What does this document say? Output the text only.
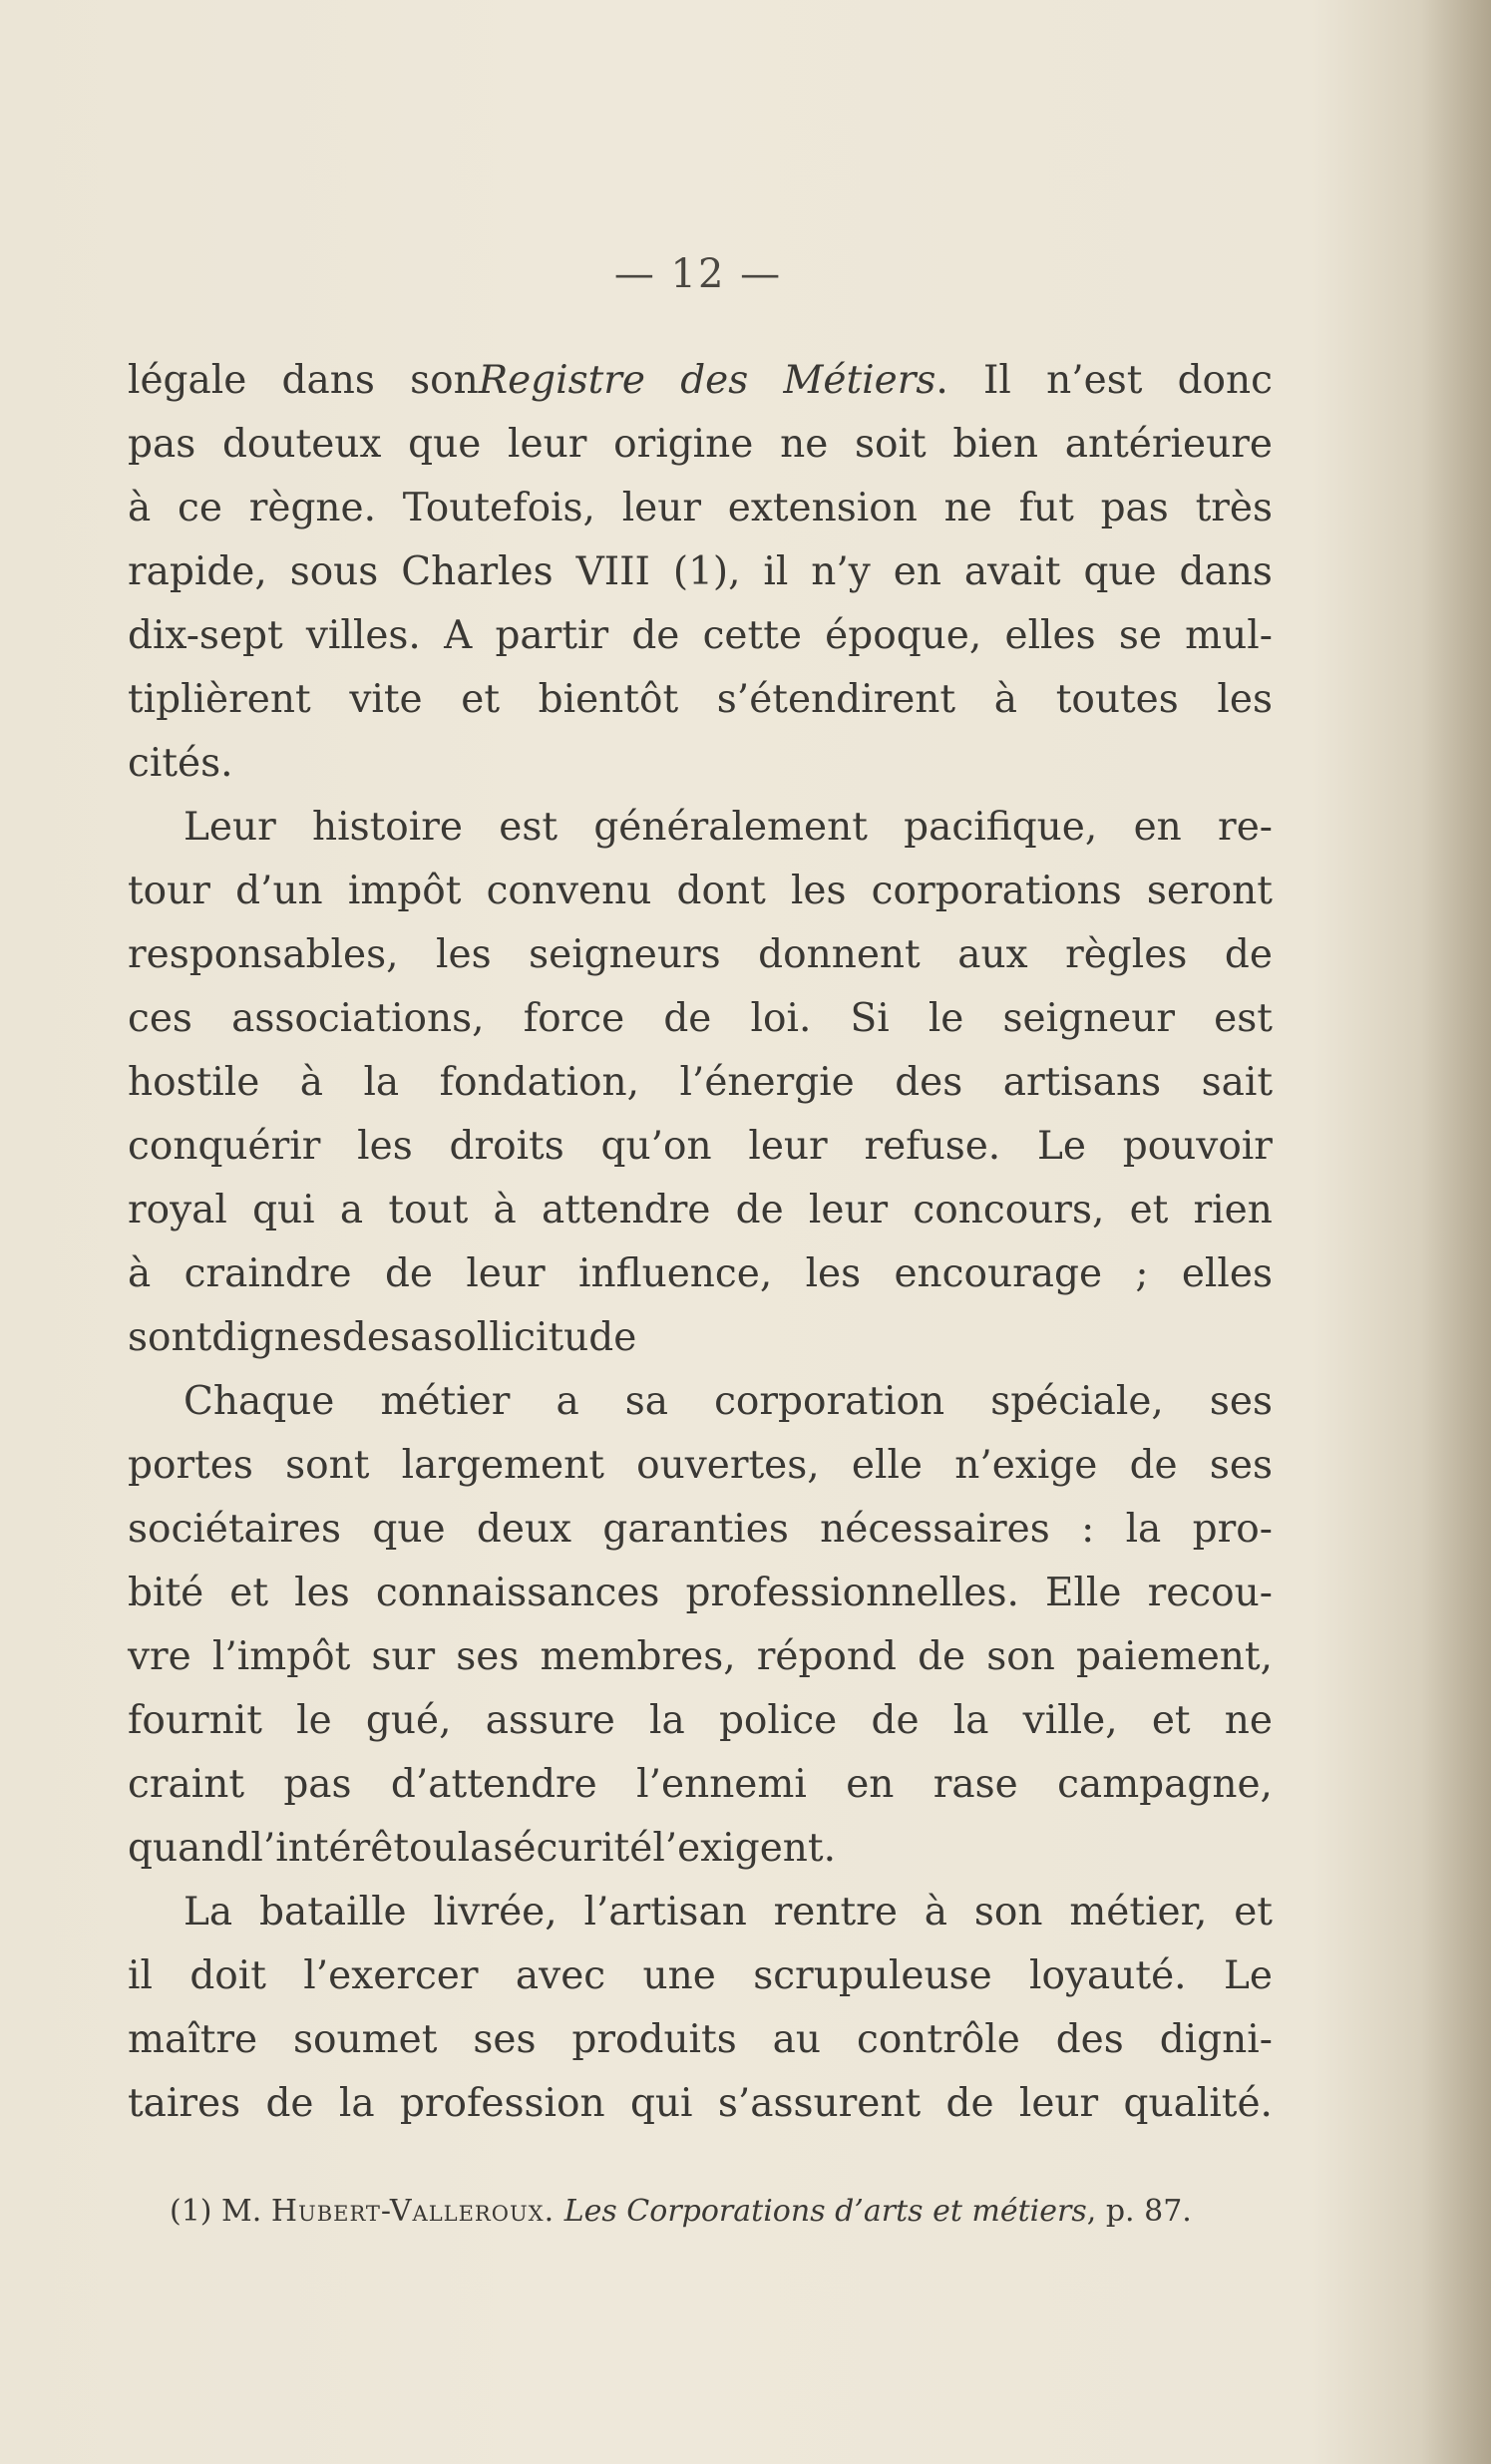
— 12 —
légale dans sonRegistre des Métiers. Il n’est donc
pas douteux que leur origine ne soit bien antérieure
à ce règne. Toutefois, leur extension ne fut pas très
rapide, sous Charles VIII (1), il n’y en avait que dans
dix-sept villes. A partir de cette époque, elles se mul-
tiplièrent vite et bientôt s’étendirent à toutes les
cités.
Leur histoire est généralement pacifique, en re-
tour d’un impôt convenu dont les corporations seront
responsables, les seigneurs donnent aux règles de
ces associations, force de loi. Si le seigneur est
hostile à la fondation, l’énergie des artisans sait
conquérir les droits qu’on leur refuse. Le pouvoir
royal qui a tout à attendre de leur concours, et rien
à craindre de leur influence, les encourage ; elles
sont dignes de sa sollicitude
Chaque métier a sa corporation spéciale, ses
portes sont largement ouvertes, elle n’exige de ses
sociétaires que deux garanties nécessaires : la pro-
bité et les connaissances professionnelles. Elle recou-
vre l’impôt sur ses membres, répond de son paiement,
fournit le gué, assure la police de la ville, et ne
craint pas d’attendre l’ennemi en rase campagne,
quand l’intérêt ou la sécurité l’exigent.
La bataille livrée, l’artisan rentre à son métier, et
il doit l’exercer avec une scrupuleuse loyauté. Le
maître soumet ses produits au contrôle des digni-
taires de la profession qui s’assurent de leur qualité.
(1) M. Hubert-Valleroux. Les Corporations d’arts et métiers, p. 87.
